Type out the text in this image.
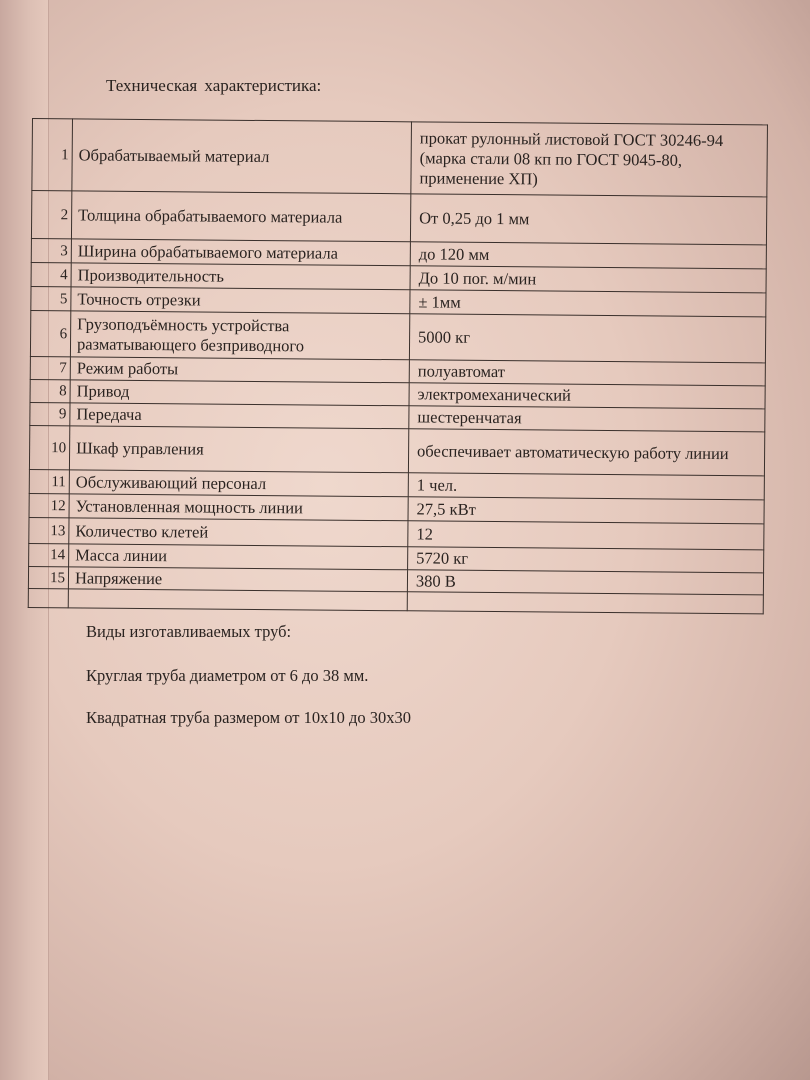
Техническая характеристика:
1	Обрабатываемый материал	прокат рулонный листовой ГОСТ 30246-94 (марка стали 08 кп по ГОСТ 9045-80, применение ХП)
2	Толщина обрабатываемого материала	От 0,25 до 1 мм
3	Ширина обрабатываемого материала	до 120 мм
4	Производительность	До 10 пог. м/мин
5	Точность отрезки	± 1мм
6	Грузоподъёмность устройства разматывающего безприводного	5000 кг
7	Режим работы	полуавтомат
8	Привод	электромеханический
9	Передача	шестеренчатая
10	Шкаф управления	обеспечивает автоматическую работу линии
11	Обслуживающий персонал	1 чел.
12	Установленная мощность линии	27,5 кВт
13	Количество клетей	12
14	Масса линии	5720 кг
15	Напряжение	380 В

Виды изготавливаемых труб:

Круглая труба диаметром от 6 до 38 мм.

Квадратная труба размером от 10х10 до 30х30
